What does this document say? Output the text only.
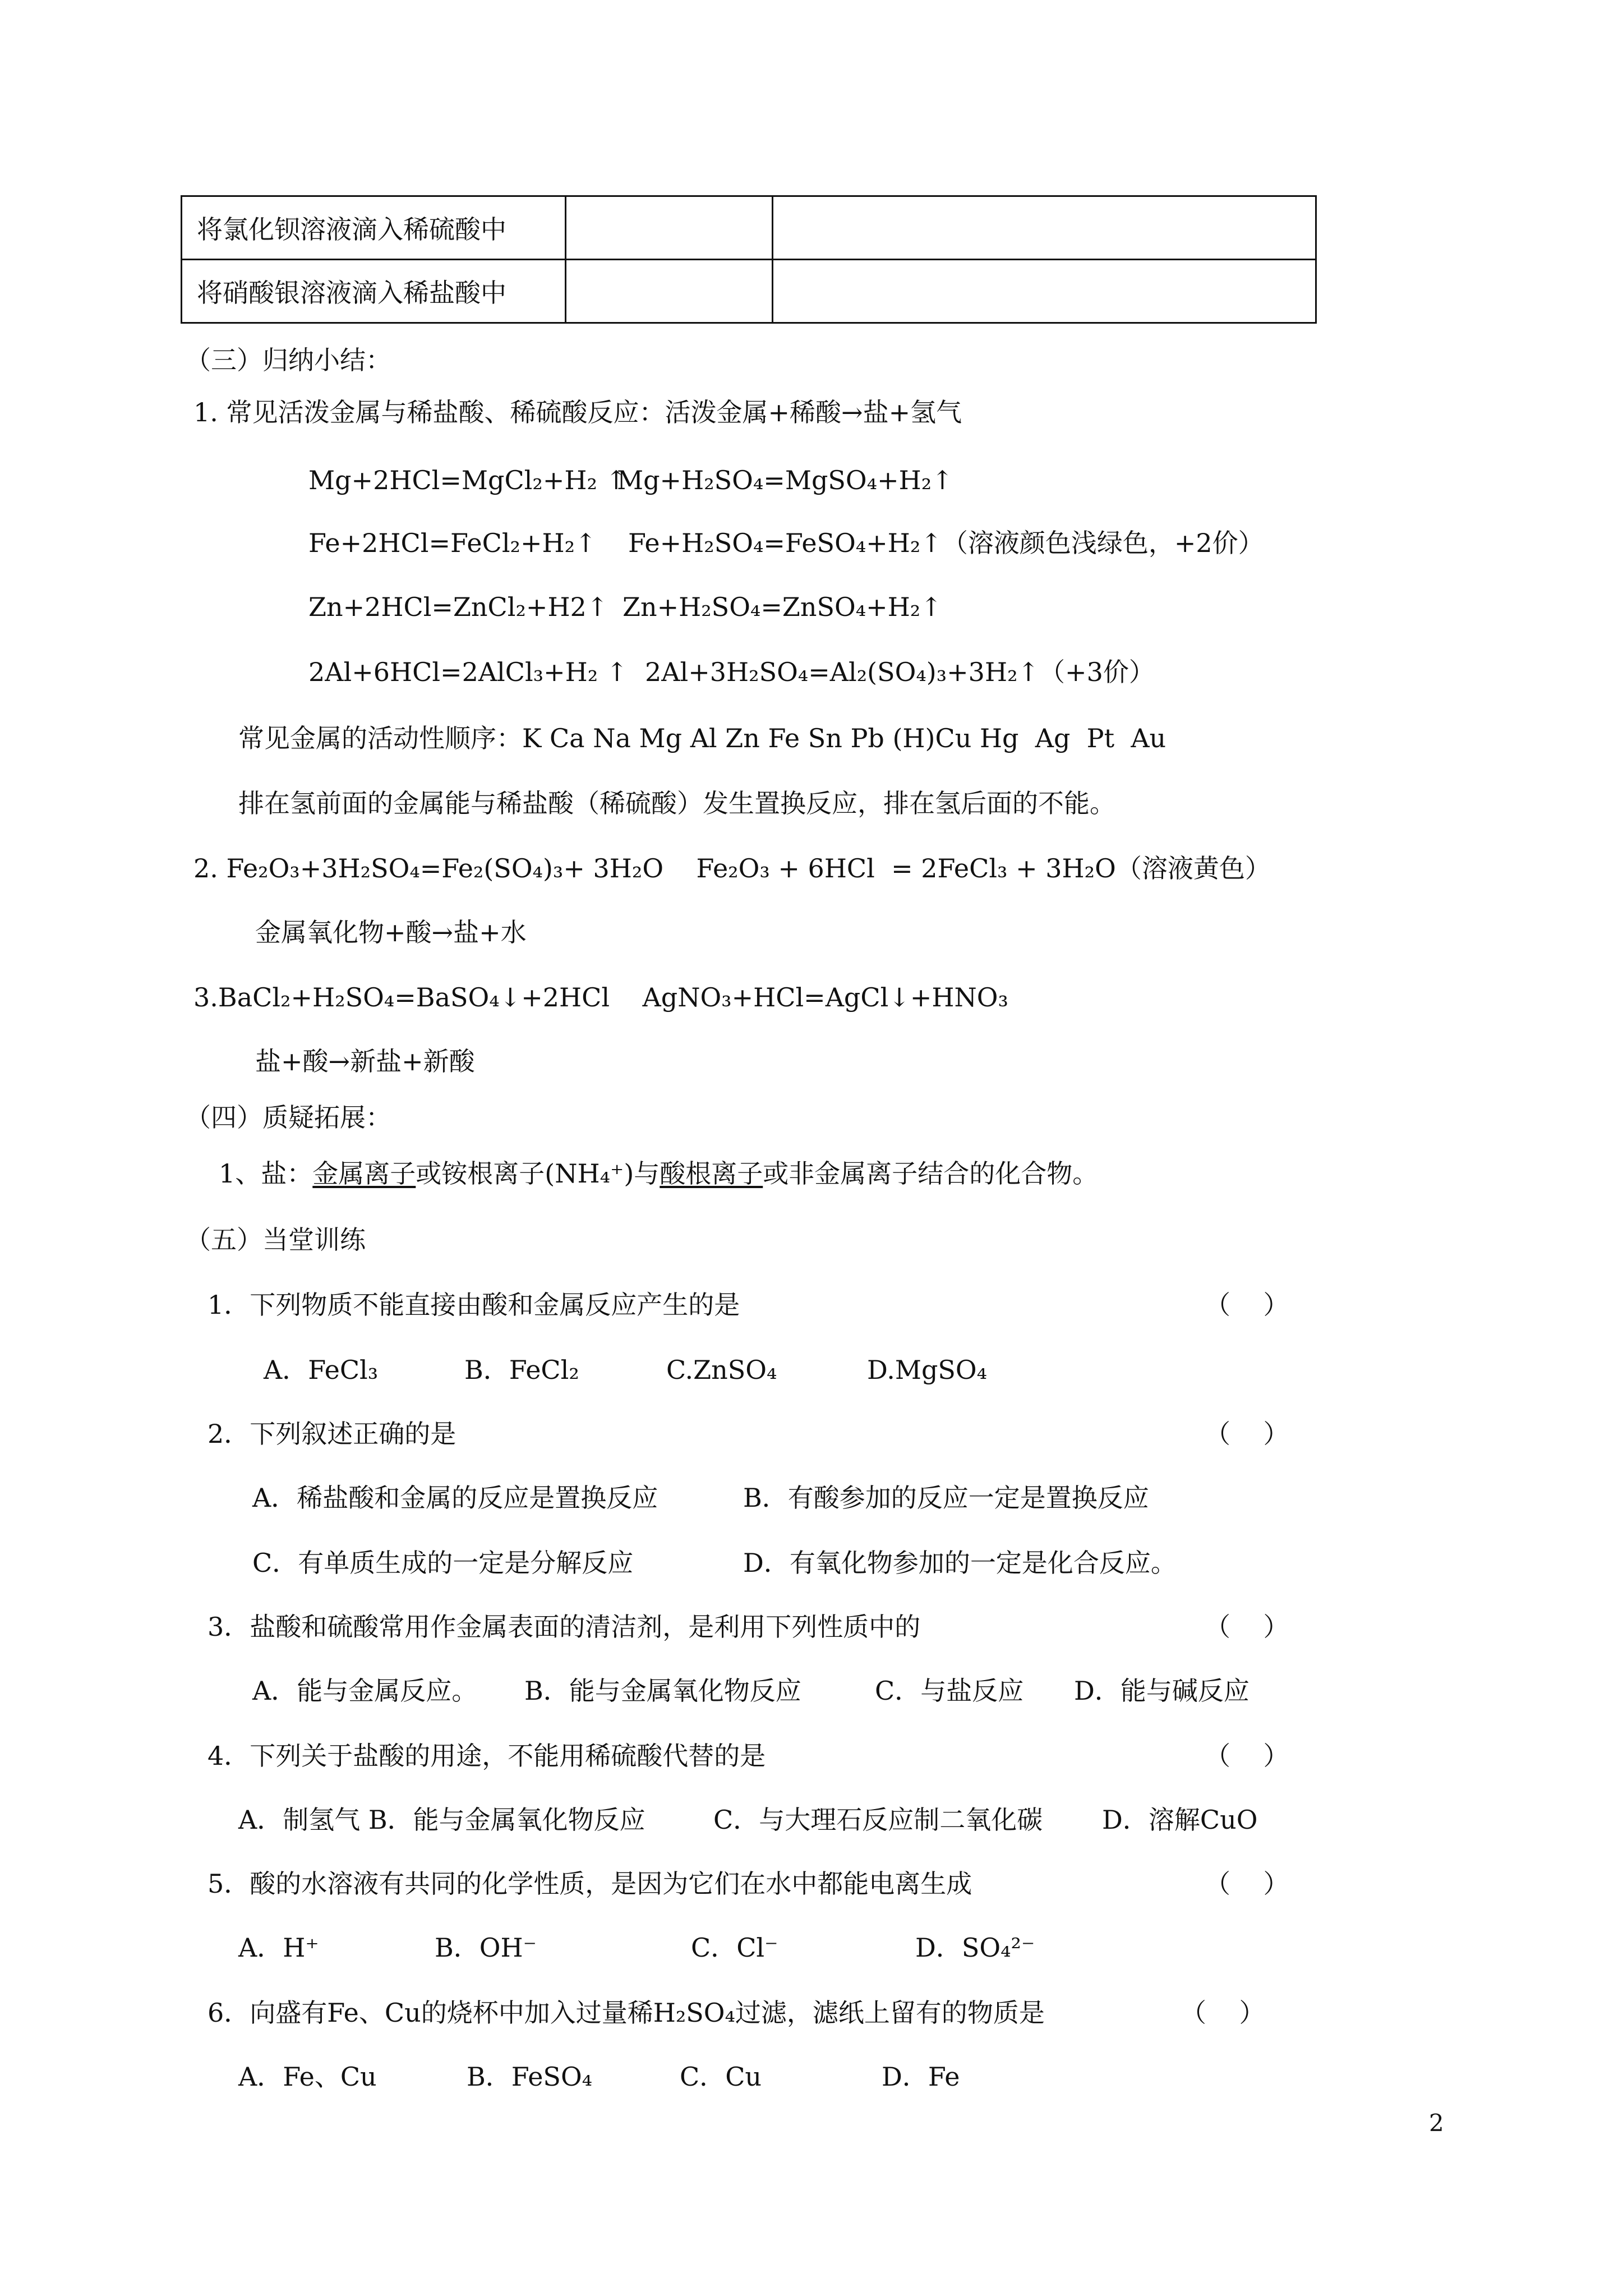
将氯化钡溶液滴入稀硫酸中		
将硝酸银溶液滴入稀盐酸中		
（三）归纳小结：
1. 常见活泼金属与稀盐酸、稀硫酸反应：活泼金属+稀酸→盐+氢气
Mg+2HCl=MgCl₂+H₂ ↑
Mg+H₂SO₄=MgSO₄+H₂↑
Fe+2HCl=FeCl₂+H₂↑ Fe+H₂SO₄=FeSO₄+H₂↑（溶液颜色浅绿色，+2价）
Zn+2HCl=ZnCl₂+H2↑ Zn+H₂SO₄=ZnSO₄+H₂↑
2Al+6HCl=2AlCl₃+H₂ ↑ 2Al+3H₂SO₄=Al₂(SO₄)₃+3H₂↑（+3价）
常见金属的活动性顺序：K Ca Na Mg Al Zn Fe Sn Pb (H)Cu Hg  Ag  Pt  Au
排在氢前面的金属能与稀盐酸（稀硫酸）发生置换反应，排在氢后面的不能。
2. Fe₂O₃+3H₂SO₄=Fe₂(SO₄)₃+ 3H₂O    Fe₂O₃ + 6HCl  = 2FeCl₃ + 3H₂O（溶液黄色）
金属氧化物+酸→盐+水
3.BaCl₂+H₂SO₄=BaSO₄↓+2HCl    AgNO₃+HCl=AgCl↓+HNO₃
盐+酸→新盐+新酸
（四）质疑拓展：
1、盐：金属离子或铵根离子(NH₄⁺)与酸根离子或非金属离子结合的化合物。
（五）当堂训练
1．下列物质不能直接由酸和金属反应产生的是	（    ）
A．FeCl₃	B．FeCl₂	C.ZnSO₄	D.MgSO₄
2．下列叙述正确的是	（    ）
A．稀盐酸和金属的反应是置换反应	B．有酸参加的反应一定是置换反应
C．有单质生成的一定是分解反应	D．有氧化物参加的一定是化合反应。
3．盐酸和硫酸常用作金属表面的清洁剂，是利用下列性质中的	（    ）
A．能与金属反应。 B．能与金属氧化物反应	C．与盐反应 D．能与碱反应
4．下列关于盐酸的用途，不能用稀硫酸代替的是	（    ）
A．制氢气 B．能与金属氧化物反应	C．与大理石反应制二氧化碳 D．溶解CuO
5．酸的水溶液有共同的化学性质，是因为它们在水中都能电离生成	（    ）
A．H⁺	B．OH⁻	C．Cl⁻	D．SO₄²⁻
6．向盛有Fe、Cu的烧杯中加入过量稀H₂SO₄过滤，滤纸上留有的物质是	（    ）
A．Fe、Cu	B．FeSO₄	C．Cu	D．Fe
2
